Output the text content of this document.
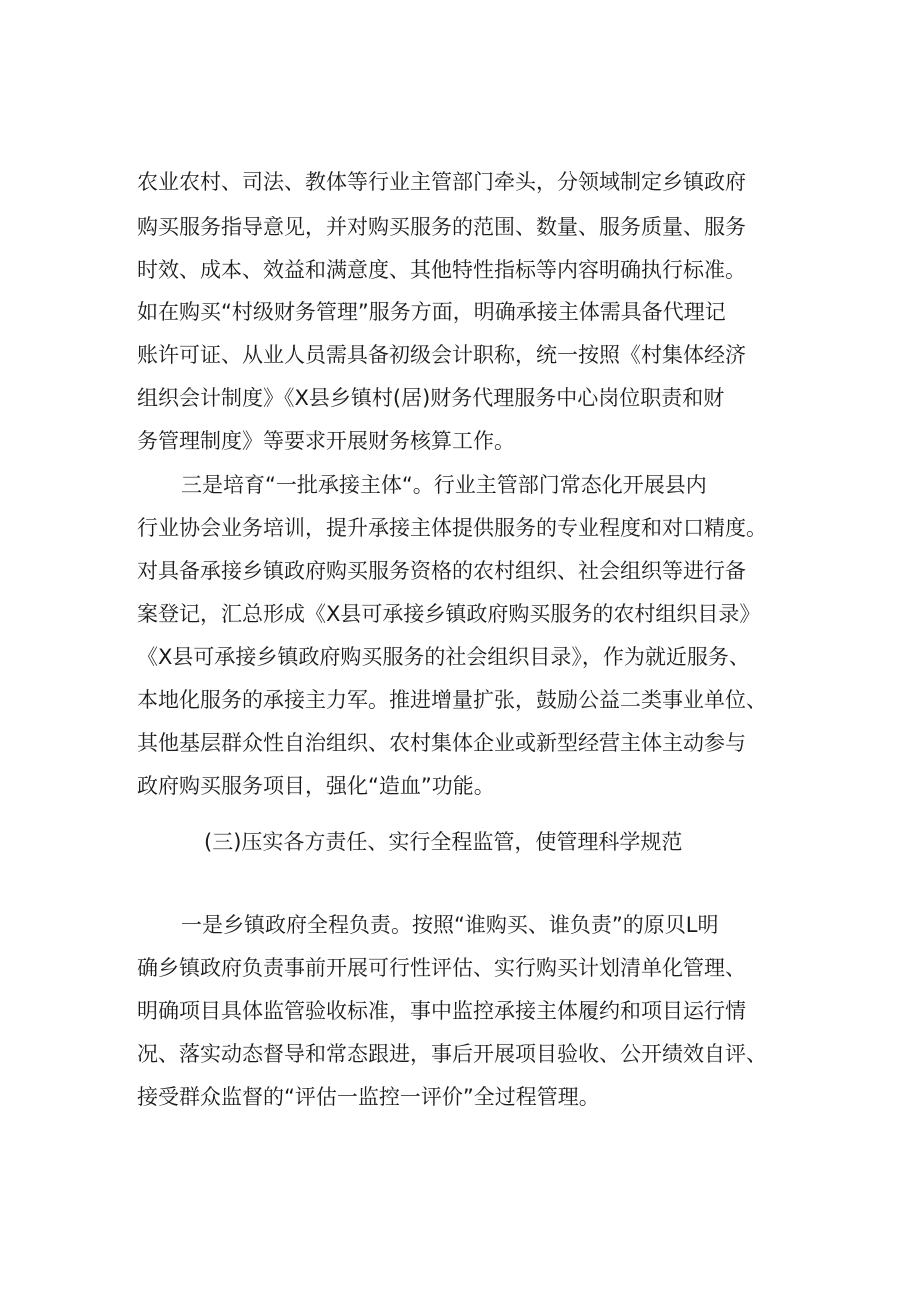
农业农村、司法、教体等行业主管部门牵头，分领域制定乡镇政府
购买服务指导意见，并对购买服务的范围、数量、服务质量、服务
时效、成本、效益和满意度、其他特性指标等内容明确执行标准。
如在购买“村级财务管理”服务方面，明确承接主体需具备代理记
账许可证、从业人员需具备初级会计职称，统一按照《村集体经济
组织会计制度》《X县乡镇村(居)财务代理服务中心岗位职责和财
务管理制度》等要求开展财务核算工作。
三是培育“一批承接主体“。行业主管部门常态化开展县内
行业协会业务培训，提升承接主体提供服务的专业程度和对口精度。
对具备承接乡镇政府购买服务资格的农村组织、社会组织等进行备
案登记，汇总形成《X县可承接乡镇政府购买服务的农村组织目录》
《X县可承接乡镇政府购买服务的社会组织目录》，作为就近服务、
本地化服务的承接主力军。推进增量扩张，鼓励公益二类事业单位、
其他基层群众性自治组织、农村集体企业或新型经营主体主动参与
政府购买服务项目，强化“造血”功能。
(三)压实各方责任、实行全程监管，使管理科学规范
一是乡镇政府全程负责。按照“谁购买、谁负责”的原贝L明
确乡镇政府负责事前开展可行性评估、实行购买计划清单化管理、
明确项目具体监管验收标准，事中监控承接主体履约和项目运行情
况、落实动态督导和常态跟进，事后开展项目验收、公开绩效自评、
接受群众监督的“评估一监控一评价”全过程管理。
